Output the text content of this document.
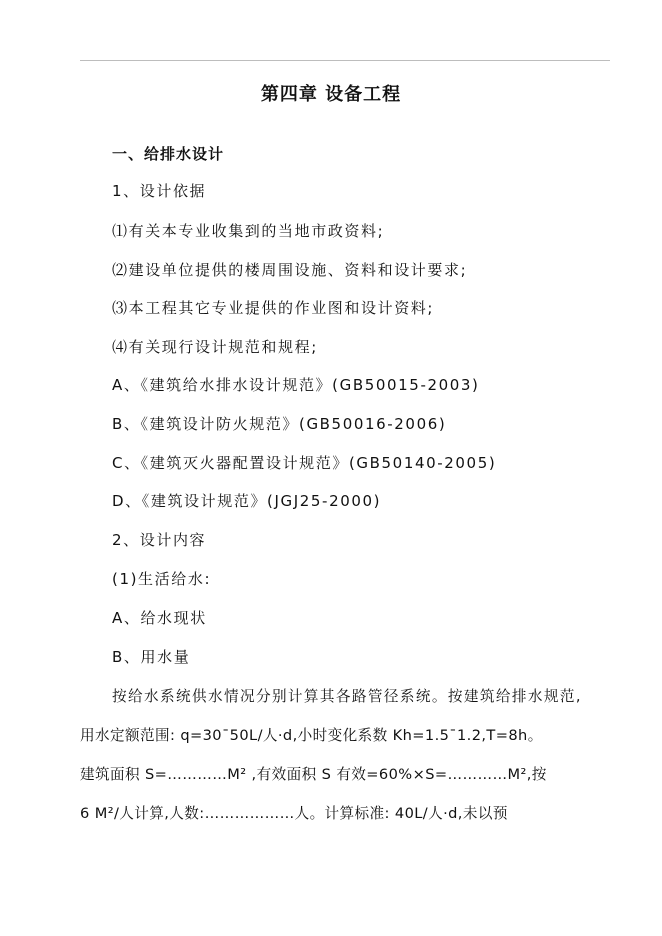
第四章 设备工程
一、给排水设计
1、设计依据
⑴有关本专业收集到的当地市政资料;
⑵建设单位提供的楼周围设施、资料和设计要求;
⑶本工程其它专业提供的作业图和设计资料;
⑷有关现行设计规范和规程;
A、《建筑给水排水设计规范》(GB50015-2003)
B、《建筑设计防火规范》(GB50016-2006)
C、《建筑灭火器配置设计规范》(GB50140-2005)
D、《建筑设计规范》(JGJ25-2000)
2、设计内容
(1)生活给水:
A、给水现状
B、用水量
按给水系统供水情况分别计算其各路管径系统。按建筑给排水规范,
用水定额范围: q=30¯50L/人·d,小时变化系数 Kh=1.5¯1.2,T=8h。
建筑面积 S=…………M² ,有效面积 S 有效=60%×S=…………M²,按
6 M²/人计算,人数:………………人。计算标准: 40L/人·d,未以预
